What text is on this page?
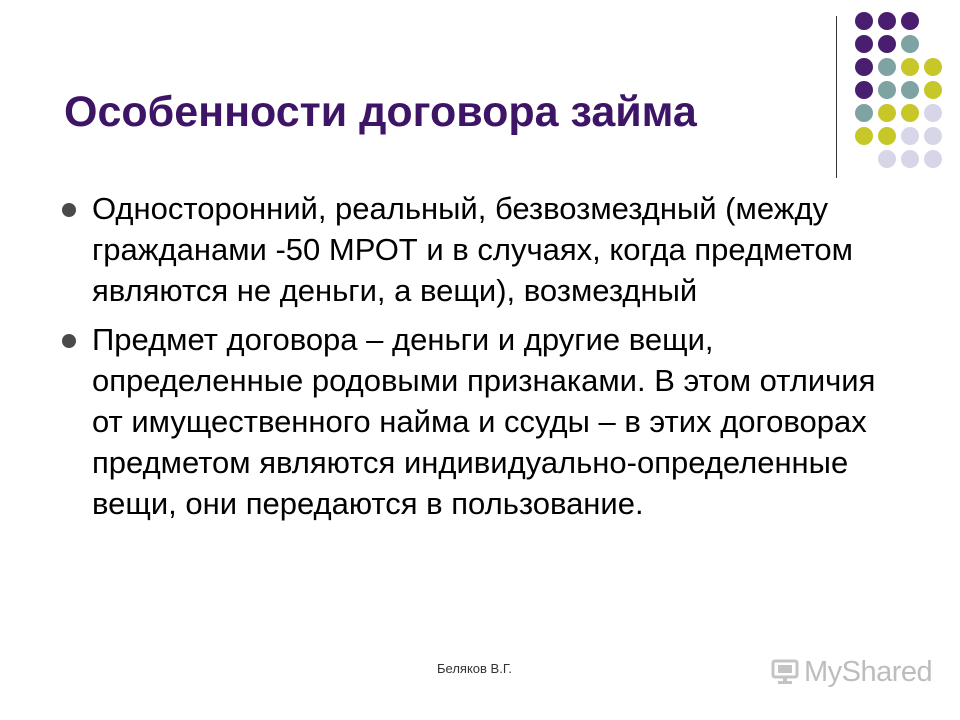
Особенности договора займа
Односторонний, реальный, безвозмездный (между гражданами -50 МРОТ и в случаях, когда предметом являются не деньги, а вещи), возмездный
Предмет договора – деньги и другие вещи, определенные родовыми признаками. В этом отличия от имущественного найма и ссуды – в этих договорах предметом являются индивидуально-определенные вещи, они передаются в пользование.
Беляков В.Г.	MyShared
